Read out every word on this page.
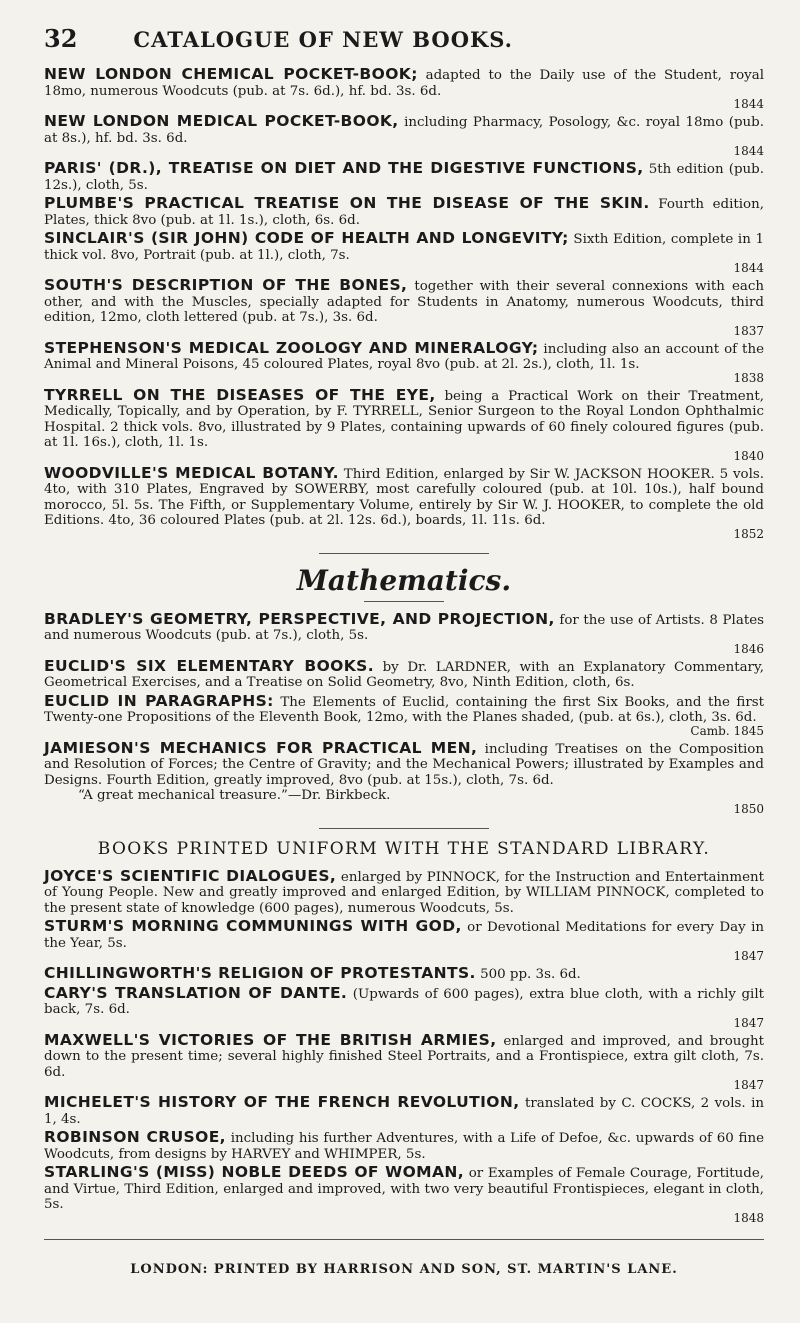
32	CATALOGUE OF NEW BOOKS.

NEW LONDON CHEMICAL POCKET-BOOK; adapted to the Daily use of the Student, royal 18mo, numerous Woodcuts (pub. at 7s. 6d.), hf. bd. 3s. 6d.
1844

NEW LONDON MEDICAL POCKET-BOOK, including Pharmacy, Posology, &c. royal 18mo (pub. at 8s.), hf. bd. 3s. 6d.
1844

PARIS' (DR.), TREATISE ON DIET AND THE DIGESTIVE FUNCTIONS, 5th edition (pub. 12s.), cloth, 5s.

PLUMBE'S PRACTICAL TREATISE ON THE DISEASE OF THE SKIN. Fourth edition, Plates, thick 8vo (pub. at 1l. 1s.), cloth, 6s. 6d.

SINCLAIR'S (SIR JOHN) CODE OF HEALTH AND LONGEVITY; Sixth Edition, complete in 1 thick vol. 8vo, Portrait (pub. at 1l.), cloth, 7s.
1844

SOUTH'S DESCRIPTION OF THE BONES, together with their several connexions with each other, and with the Muscles, specially adapted for Students in Anatomy, numerous Woodcuts, third edition, 12mo, cloth lettered (pub. at 7s.), 3s. 6d.
1837

STEPHENSON'S MEDICAL ZOOLOGY AND MINERALOGY; including also an account of the Animal and Mineral Poisons, 45 coloured Plates, royal 8vo (pub. at 2l. 2s.), cloth, 1l. 1s.
1838

TYRRELL ON THE DISEASES OF THE EYE, being a Practical Work on their Treatment, Medically, Topically, and by Operation, by F. TYRRELL, Senior Surgeon to the Royal London Ophthalmic Hospital. 2 thick vols. 8vo, illustrated by 9 Plates, containing upwards of 60 finely coloured figures (pub. at 1l. 16s.), cloth, 1l. 1s.
1840

WOODVILLE'S MEDICAL BOTANY. Third Edition, enlarged by Sir W. JACKSON HOOKER. 5 vols. 4to, with 310 Plates, Engraved by SOWERBY, most carefully coloured (pub. at 10l. 10s.), half bound morocco, 5l. 5s. The Fifth, or Supplementary Volume, entirely by Sir W. J. HOOKER, to complete the old Editions. 4to, 36 coloured Plates (pub. at 2l. 12s. 6d.), boards, 1l. 11s. 6d.
1852

Mathematics.

BRADLEY'S GEOMETRY, PERSPECTIVE, AND PROJECTION, for the use of Artists. 8 Plates and numerous Woodcuts (pub. at 7s.), cloth, 5s.
1846

EUCLID'S SIX ELEMENTARY BOOKS. by Dr. LARDNER, with an Explanatory Commentary, Geometrical Exercises, and a Treatise on Solid Geometry, 8vo, Ninth Edition, cloth, 6s.

EUCLID IN PARAGRAPHS: The Elements of Euclid, containing the first Six Books, and the first Twenty-one Propositions of the Eleventh Book, 12mo, with the Planes shaded, (pub. at 6s.), cloth, 3s. 6d.
Camb. 1845

JAMIESON'S MECHANICS FOR PRACTICAL MEN, including Treatises on the Composition and Resolution of Forces; the Centre of Gravity; and the Mechanical Powers; illustrated by Examples and Designs. Fourth Edition, greatly improved, 8vo (pub. at 15s.), cloth, 7s. 6d.
“A great mechanical treasure.”—Dr. Birkbeck.
1850

BOOKS PRINTED UNIFORM WITH THE STANDARD LIBRARY.

JOYCE'S SCIENTIFIC DIALOGUES, enlarged by PINNOCK, for the Instruction and Entertainment of Young People. New and greatly improved and enlarged Edition, by WILLIAM PINNOCK, completed to the present state of knowledge (600 pages), numerous Woodcuts, 5s.

STURM'S MORNING COMMUNINGS WITH GOD, or Devotional Meditations for every Day in the Year, 5s.
1847

CHILLINGWORTH'S RELIGION OF PROTESTANTS. 500 pp. 3s. 6d.

CARY'S TRANSLATION OF DANTE. (Upwards of 600 pages), extra blue cloth, with a richly gilt back, 7s. 6d.
1847

MAXWELL'S VICTORIES OF THE BRITISH ARMIES, enlarged and improved, and brought down to the present time; several highly finished Steel Portraits, and a Frontispiece, extra gilt cloth, 7s. 6d.
1847

MICHELET'S HISTORY OF THE FRENCH REVOLUTION, translated by C. COCKS, 2 vols. in 1, 4s.

ROBINSON CRUSOE, including his further Adventures, with a Life of Defoe, &c. upwards of 60 fine Woodcuts, from designs by HARVEY and WHIMPER, 5s.

STARLING'S (MISS) NOBLE DEEDS OF WOMAN, or Examples of Female Courage, Fortitude, and Virtue, Third Edition, enlarged and improved, with two very beautiful Frontispieces, elegant in cloth, 5s.
1848

LONDON: PRINTED BY HARRISON AND SON, ST. MARTIN'S LANE.
